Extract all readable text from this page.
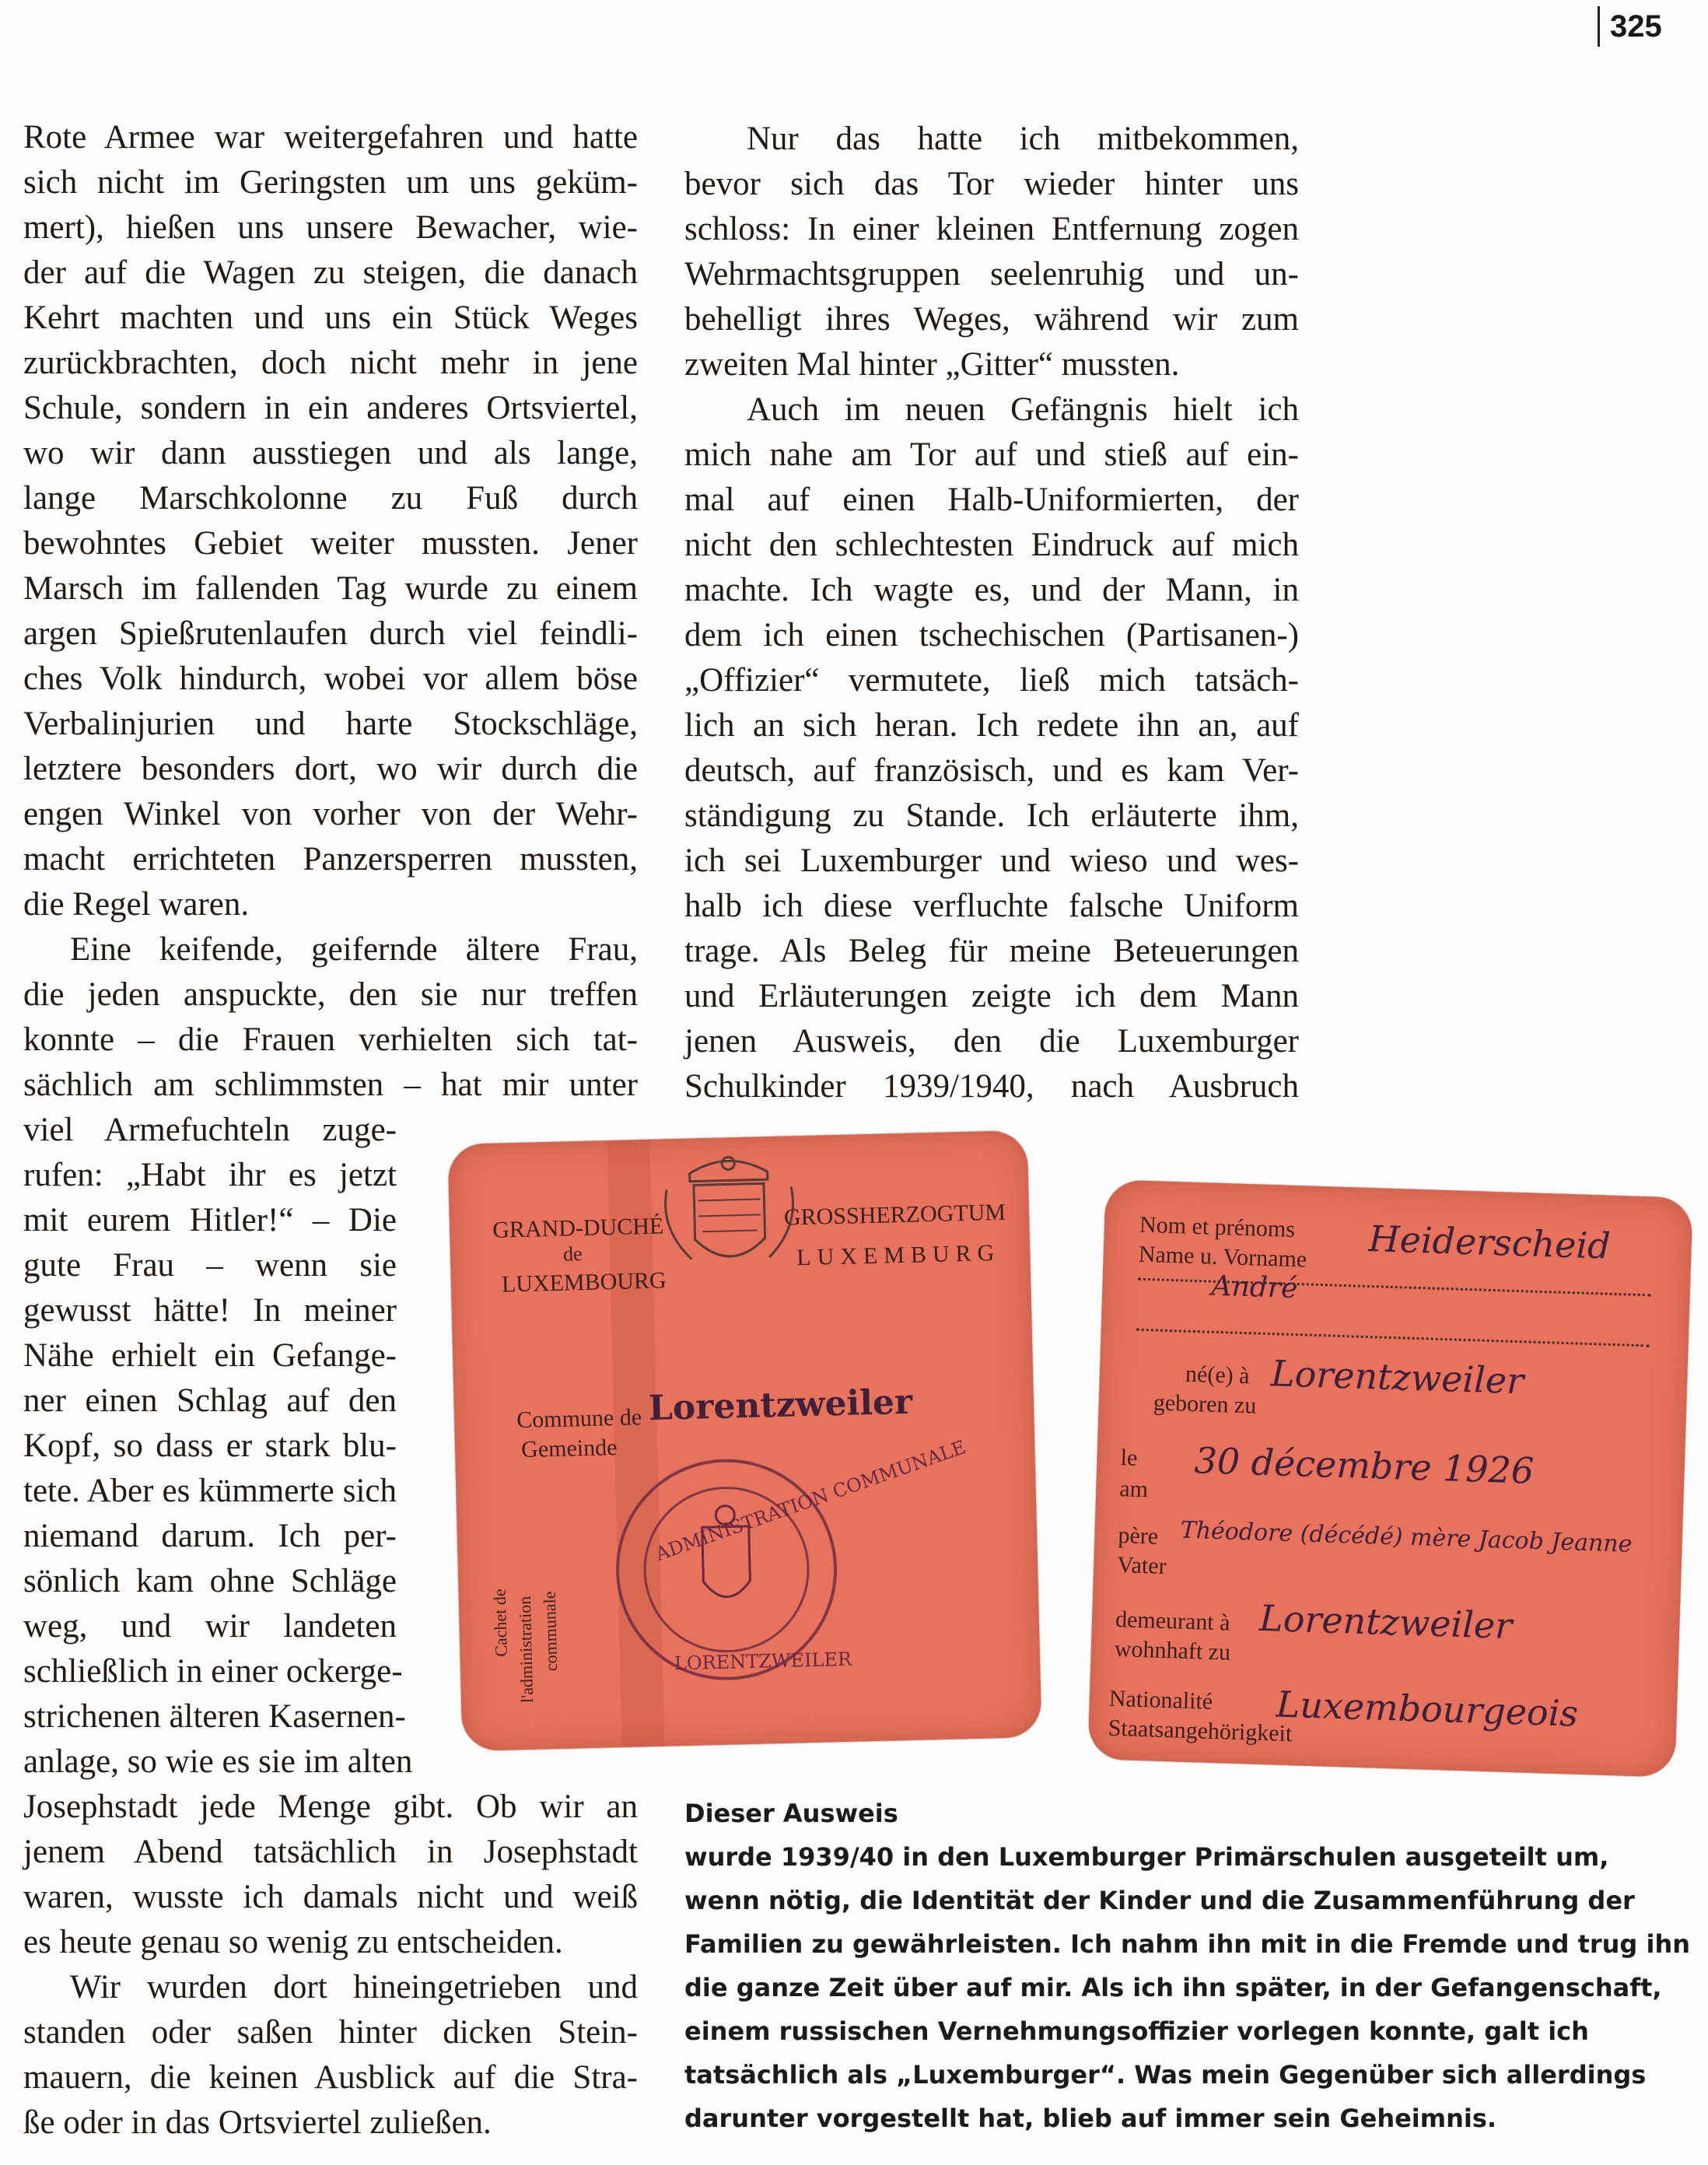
325
Rote Armee war weitergefahren und hatte
sich nicht im Geringsten um uns geküm-
mert), hießen uns unsere Bewacher, wie-
der auf die Wagen zu steigen, die danach
Kehrt machten und uns ein Stück Weges
zurückbrachten, doch nicht mehr in jene
Schule, sondern in ein anderes Ortsviertel,
wo wir dann ausstiegen und als lange,
lange Marschkolonne zu Fuß durch
bewohntes Gebiet weiter mussten. Jener
Marsch im fallenden Tag wurde zu einem
argen Spießrutenlaufen durch viel feindli-
ches Volk hindurch, wobei vor allem böse
Verbalinjurien und harte Stockschläge,
letztere besonders dort, wo wir durch die
engen Winkel von vorher von der Wehr-
macht errichteten Panzersperren mussten,
die Regel waren.
Eine keifende, geifernde ältere Frau,
die jeden anspuckte, den sie nur treffen
konnte – die Frauen verhielten sich tat-
sächlich am schlimmsten – hat mir unter
viel Armefuchteln zuge-
rufen: „Habt ihr es jetzt
mit eurem Hitler!“ – Die
gute Frau – wenn sie
gewusst hätte! In meiner
Nähe erhielt ein Gefange-
ner einen Schlag auf den
Kopf, so dass er stark blu-
tete. Aber es kümmerte sich
niemand darum. Ich per-
sönlich kam ohne Schläge
weg, und wir landeten
schließlich in einer ockerge-
strichenen älteren Kasernen-
anlage, so wie es sie im alten
Josephstadt jede Menge gibt. Ob wir an
jenem Abend tatsächlich in Josephstadt
waren, wusste ich damals nicht und weiß
es heute genau so wenig zu entscheiden.
Wir wurden dort hineingetrieben und
standen oder saßen hinter dicken Stein-
mauern, die keinen Ausblick auf die Stra-
ße oder in das Ortsviertel zuließen.
Nur das hatte ich mitbekommen,
bevor sich das Tor wieder hinter uns
schloss: In einer kleinen Entfernung zogen
Wehrmachtsgruppen seelenruhig und un-
behelligt ihres Weges, während wir zum
zweiten Mal hinter „Gitter“ mussten.
Auch im neuen Gefängnis hielt ich
mich nahe am Tor auf und stieß auf ein-
mal auf einen Halb-Uniformierten, der
nicht den schlechtesten Eindruck auf mich
machte. Ich wagte es, und der Mann, in
dem ich einen tschechischen (Partisanen-)
„Offizier“ vermutete, ließ mich tatsäch-
lich an sich heran. Ich redete ihn an, auf
deutsch, auf französisch, und es kam Ver-
ständigung zu Stande. Ich erläuterte ihm,
ich sei Luxemburger und wieso und wes-
halb ich diese verfluchte falsche Uniform
trage. Als Beleg für meine Beteuerungen
und Erläuterungen zeigte ich dem Mann
jenen Ausweis, den die Luxemburger
Schulkinder 1939/1940, nach Ausbruch
GRAND-DUCHÉ
de
LUXEMBOURG
GROSSHERZOGTUM
LUXEMBURG
Commune de
Gemeinde
Lorentzweiler
Cachet de l'administration communale
ADMINISTRATION COMMUNALE
LORENTZWEILER
Nom et prénoms
Name u. Vorname Heiderscheid
André
né(e) à
geboren zu
Lorentzweiler
le
am 30 décembre 1926
père
Vater
Théodore (décédé) mère Jacob Jeanne
demeurant à
wohnhaft zu
Lorentzweiler
Nationalité
Staatsangehörigkeit
Luxembourgeois
Dieser Ausweis
wurde 1939/40 in den Luxemburger Primärschulen ausgeteilt um,
wenn nötig, die Identität der Kinder und die Zusammenführung der
Familien zu gewährleisten. Ich nahm ihn mit in die Fremde und trug ihn
die ganze Zeit über auf mir. Als ich ihn später, in der Gefangenschaft,
einem russischen Vernehmungsoffizier vorlegen konnte, galt ich
tatsächlich als „Luxemburger“. Was mein Gegenüber sich allerdings
darunter vorgestellt hat, blieb auf immer sein Geheimnis.
